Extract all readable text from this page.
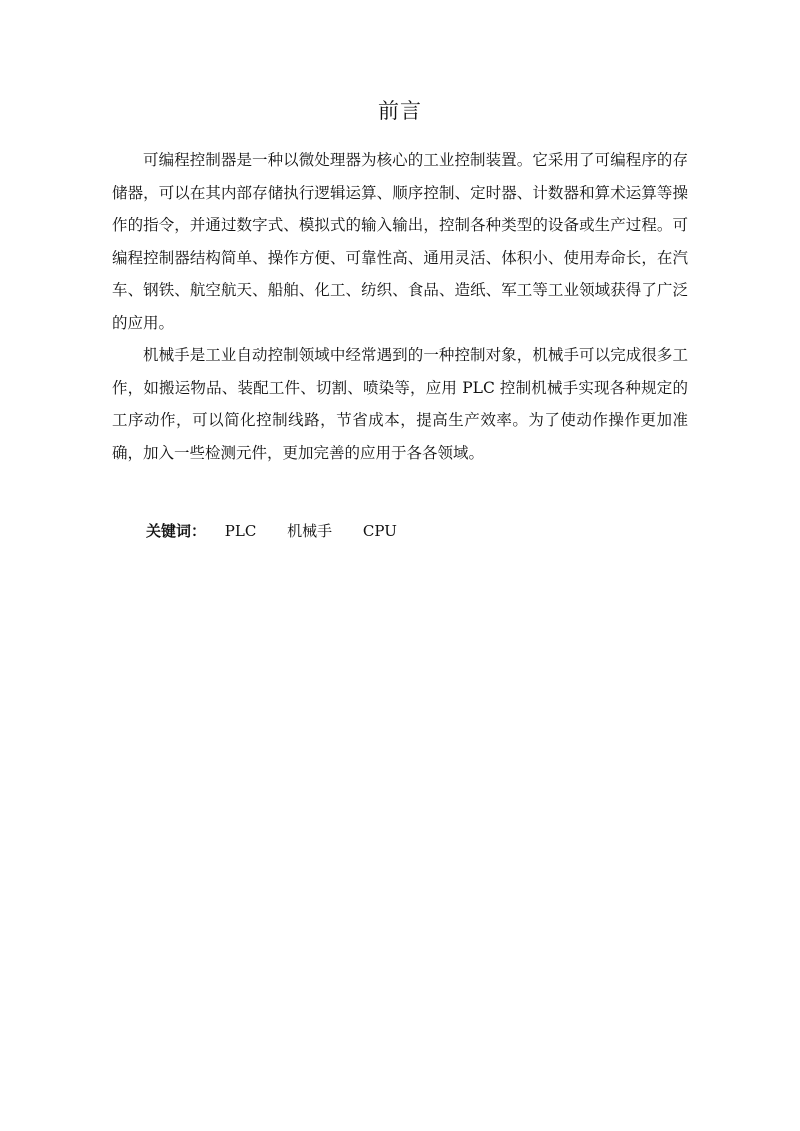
前言

可编程控制器是一种以微处理器为核心的工业控制装置。它采用了可编程序的存储器，可以在其内部存储执行逻辑运算、顺序控制、定时器、计数器和算术运算等操作的指令，并通过数字式、模拟式的输入输出，控制各种类型的设备或生产过程。可编程控制器结构简单、操作方便、可靠性高、通用灵活、体积小、使用寿命长，在汽车、钢铁、航空航天、船舶、化工、纺织、食品、造纸、军工等工业领域获得了广泛的应用。

机械手是工业自动控制领域中经常遇到的一种控制对象，机械手可以完成很多工作，如搬运物品、装配工件、切割、喷染等，应用 PLC 控制机械手实现各种规定的工序动作，可以简化控制线路，节省成本，提高生产效率。为了使动作操作更加准确，加入一些检测元件，更加完善的应用于各各领域。

关键词： PLC 机械手 CPU
